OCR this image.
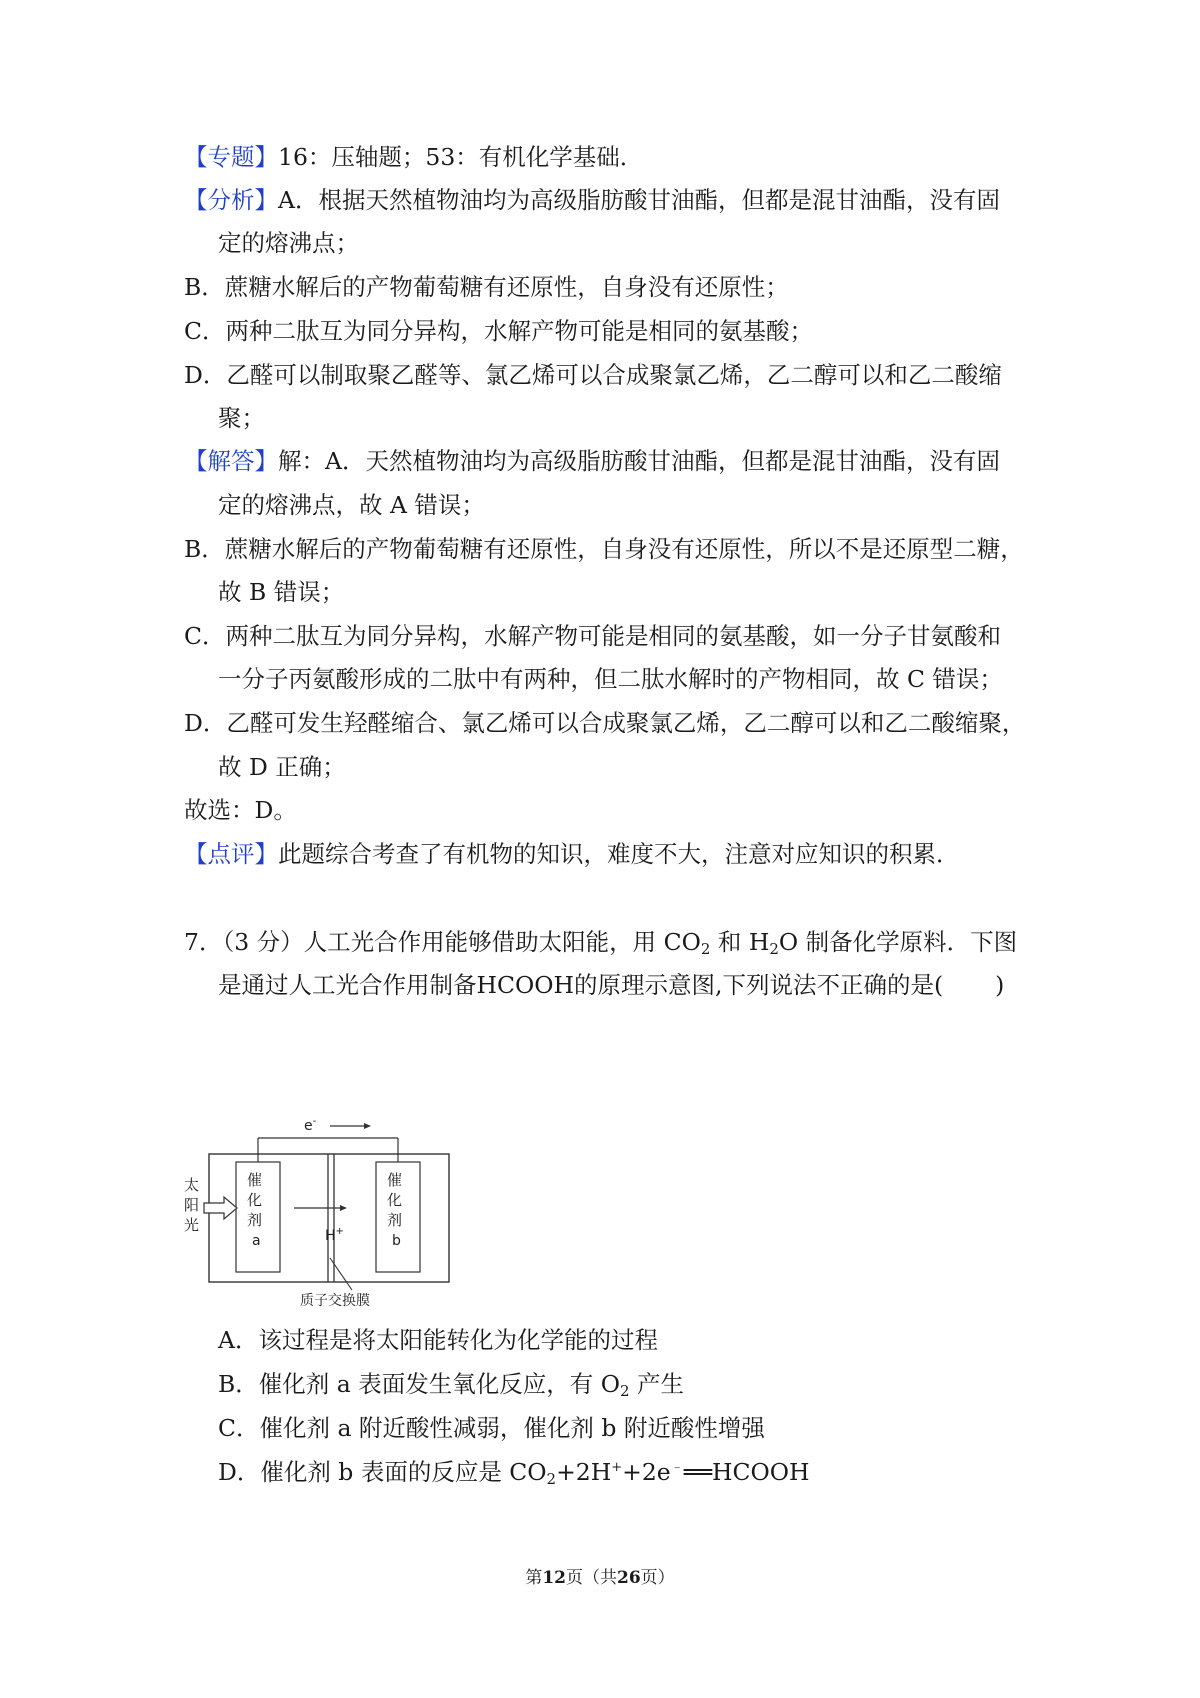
【专题】16：压轴题；53：有机化学基础．
【分析】A．根据天然植物油均为高级脂肪酸甘油酯，但都是混甘油酯，没有固
定的熔沸点；
B．蔗糖水解后的产物葡萄糖有还原性，自身没有还原性；
C．两种二肽互为同分异构，水解产物可能是相同的氨基酸；
D．乙醛可以制取聚乙醛等、氯乙烯可以合成聚氯乙烯，乙二醇可以和乙二酸缩
聚；
【解答】解：A．天然植物油均为高级脂肪酸甘油酯，但都是混甘油酯，没有固
定的熔沸点，故 A 错误；
B．蔗糖水解后的产物葡萄糖有还原性，自身没有还原性，所以不是还原型二糖，
故 B 错误；
C．两种二肽互为同分异构，水解产物可能是相同的氨基酸，如一分子甘氨酸和
一分子丙氨酸形成的二肽中有两种，但二肽水解时的产物相同，故 C 错误；
D．乙醛可发生羟醛缩合、氯乙烯可以合成聚氯乙烯，乙二醇可以和乙二酸缩聚，
故 D 正确；
故选：D。
【点评】此题综合考查了有机物的知识，难度不大，注意对应知识的积累．
7．（3 分）人工光合作用能够借助太阳能，用 $CO_2$ 和 $H_2O$ 制备化学原料．下图
是通过人工光合作用制备HCOOH的原理示意图,下列说法不正确的是( )
e-
催
化
剂
a
催
化
剂
b
太
阳
光
H+
质子交换膜
A．该过程是将太阳能转化为化学能的过程
B．催化剂 a 表面发生氧化反应，有 $O_2$ 产生
C．催化剂 a 附近酸性减弱，催化剂 b 附近酸性增强
D．催化剂 b 表面的反应是 $CO_2+2H^++2e^﹣══HCOOH$
第12页（共26页）
